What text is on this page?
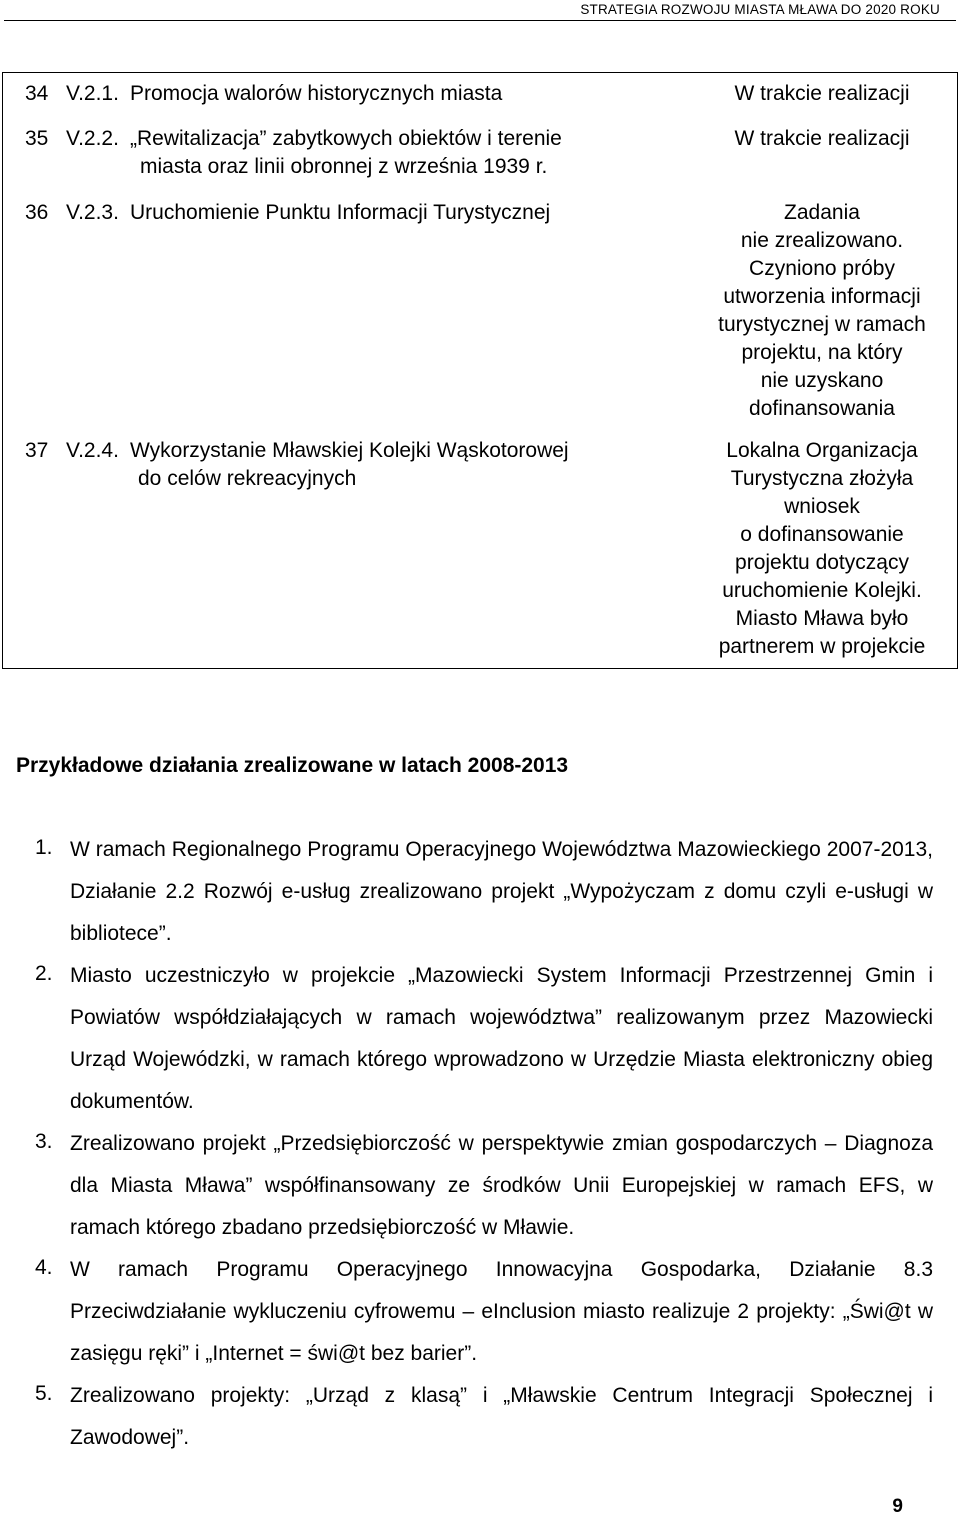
STRATEGIA ROZWOJU MIASTA MŁAWA DO 2020 ROKU
34 V.2.1. Promocja walorów historycznych miasta	W trakcie realizacji
35 V.2.2. „Rewitalizacja” zabytkowych obiektów i terenie
miasta oraz linii obronnej z września 1939 r.
W trakcie realizacji
36 V.2.3. Uruchomienie Punktu Informacji Turystycznej	Zadania
nie zrealizowano.
Czyniono próby
utworzenia informacji
turystycznej w ramach
projektu, na który
nie uzyskano
dofinansowania
37 V.2.4. Wykorzystanie Mławskiej Kolejki Wąskotorowej
do celów rekreacyjnych
Lokalna Organizacja
Turystyczna złożyła
wniosek
o dofinansowanie
projektu dotyczący
uruchomienie Kolejki.
Miasto Mława było
partnerem w projekcie
Przykładowe działania zrealizowane w latach 2008-2013
1. W ramach Regionalnego Programu Operacyjnego Województwa Mazowieckiego 2007-2013, Działanie 2.2 Rozwój e-usług zrealizowano projekt „Wypożyczam z domu czyli e-usługi w bibliotece”.
2. Miasto uczestniczyło w projekcie „Mazowiecki System Informacji Przestrzennej Gmin i Powiatów współdziałających w ramach województwa” realizowanym przez Mazowiecki Urząd Wojewódzki, w ramach którego wprowadzono w Urzędzie Miasta elektroniczny obieg dokumentów.
3. Zrealizowano projekt „Przedsiębiorczość w perspektywie zmian gospodarczych – Diagnoza dla Miasta Mława” współfinansowany ze środków Unii Europejskiej w ramach EFS, w ramach którego zbadano przedsiębiorczość w Mławie.
4. W ramach Programu Operacyjnego Innowacyjna Gospodarka, Działanie 8.3 Przeciwdziałanie wykluczeniu cyfrowemu – eInclusion miasto realizuje 2 projekty: „Świ@t w zasięgu ręki” i „Internet = świ@t bez barier”.
5. Zrealizowano projekty: „Urząd z klasą” i „Mławskie Centrum Integracji Społecznej i Zawodowej”.
9
